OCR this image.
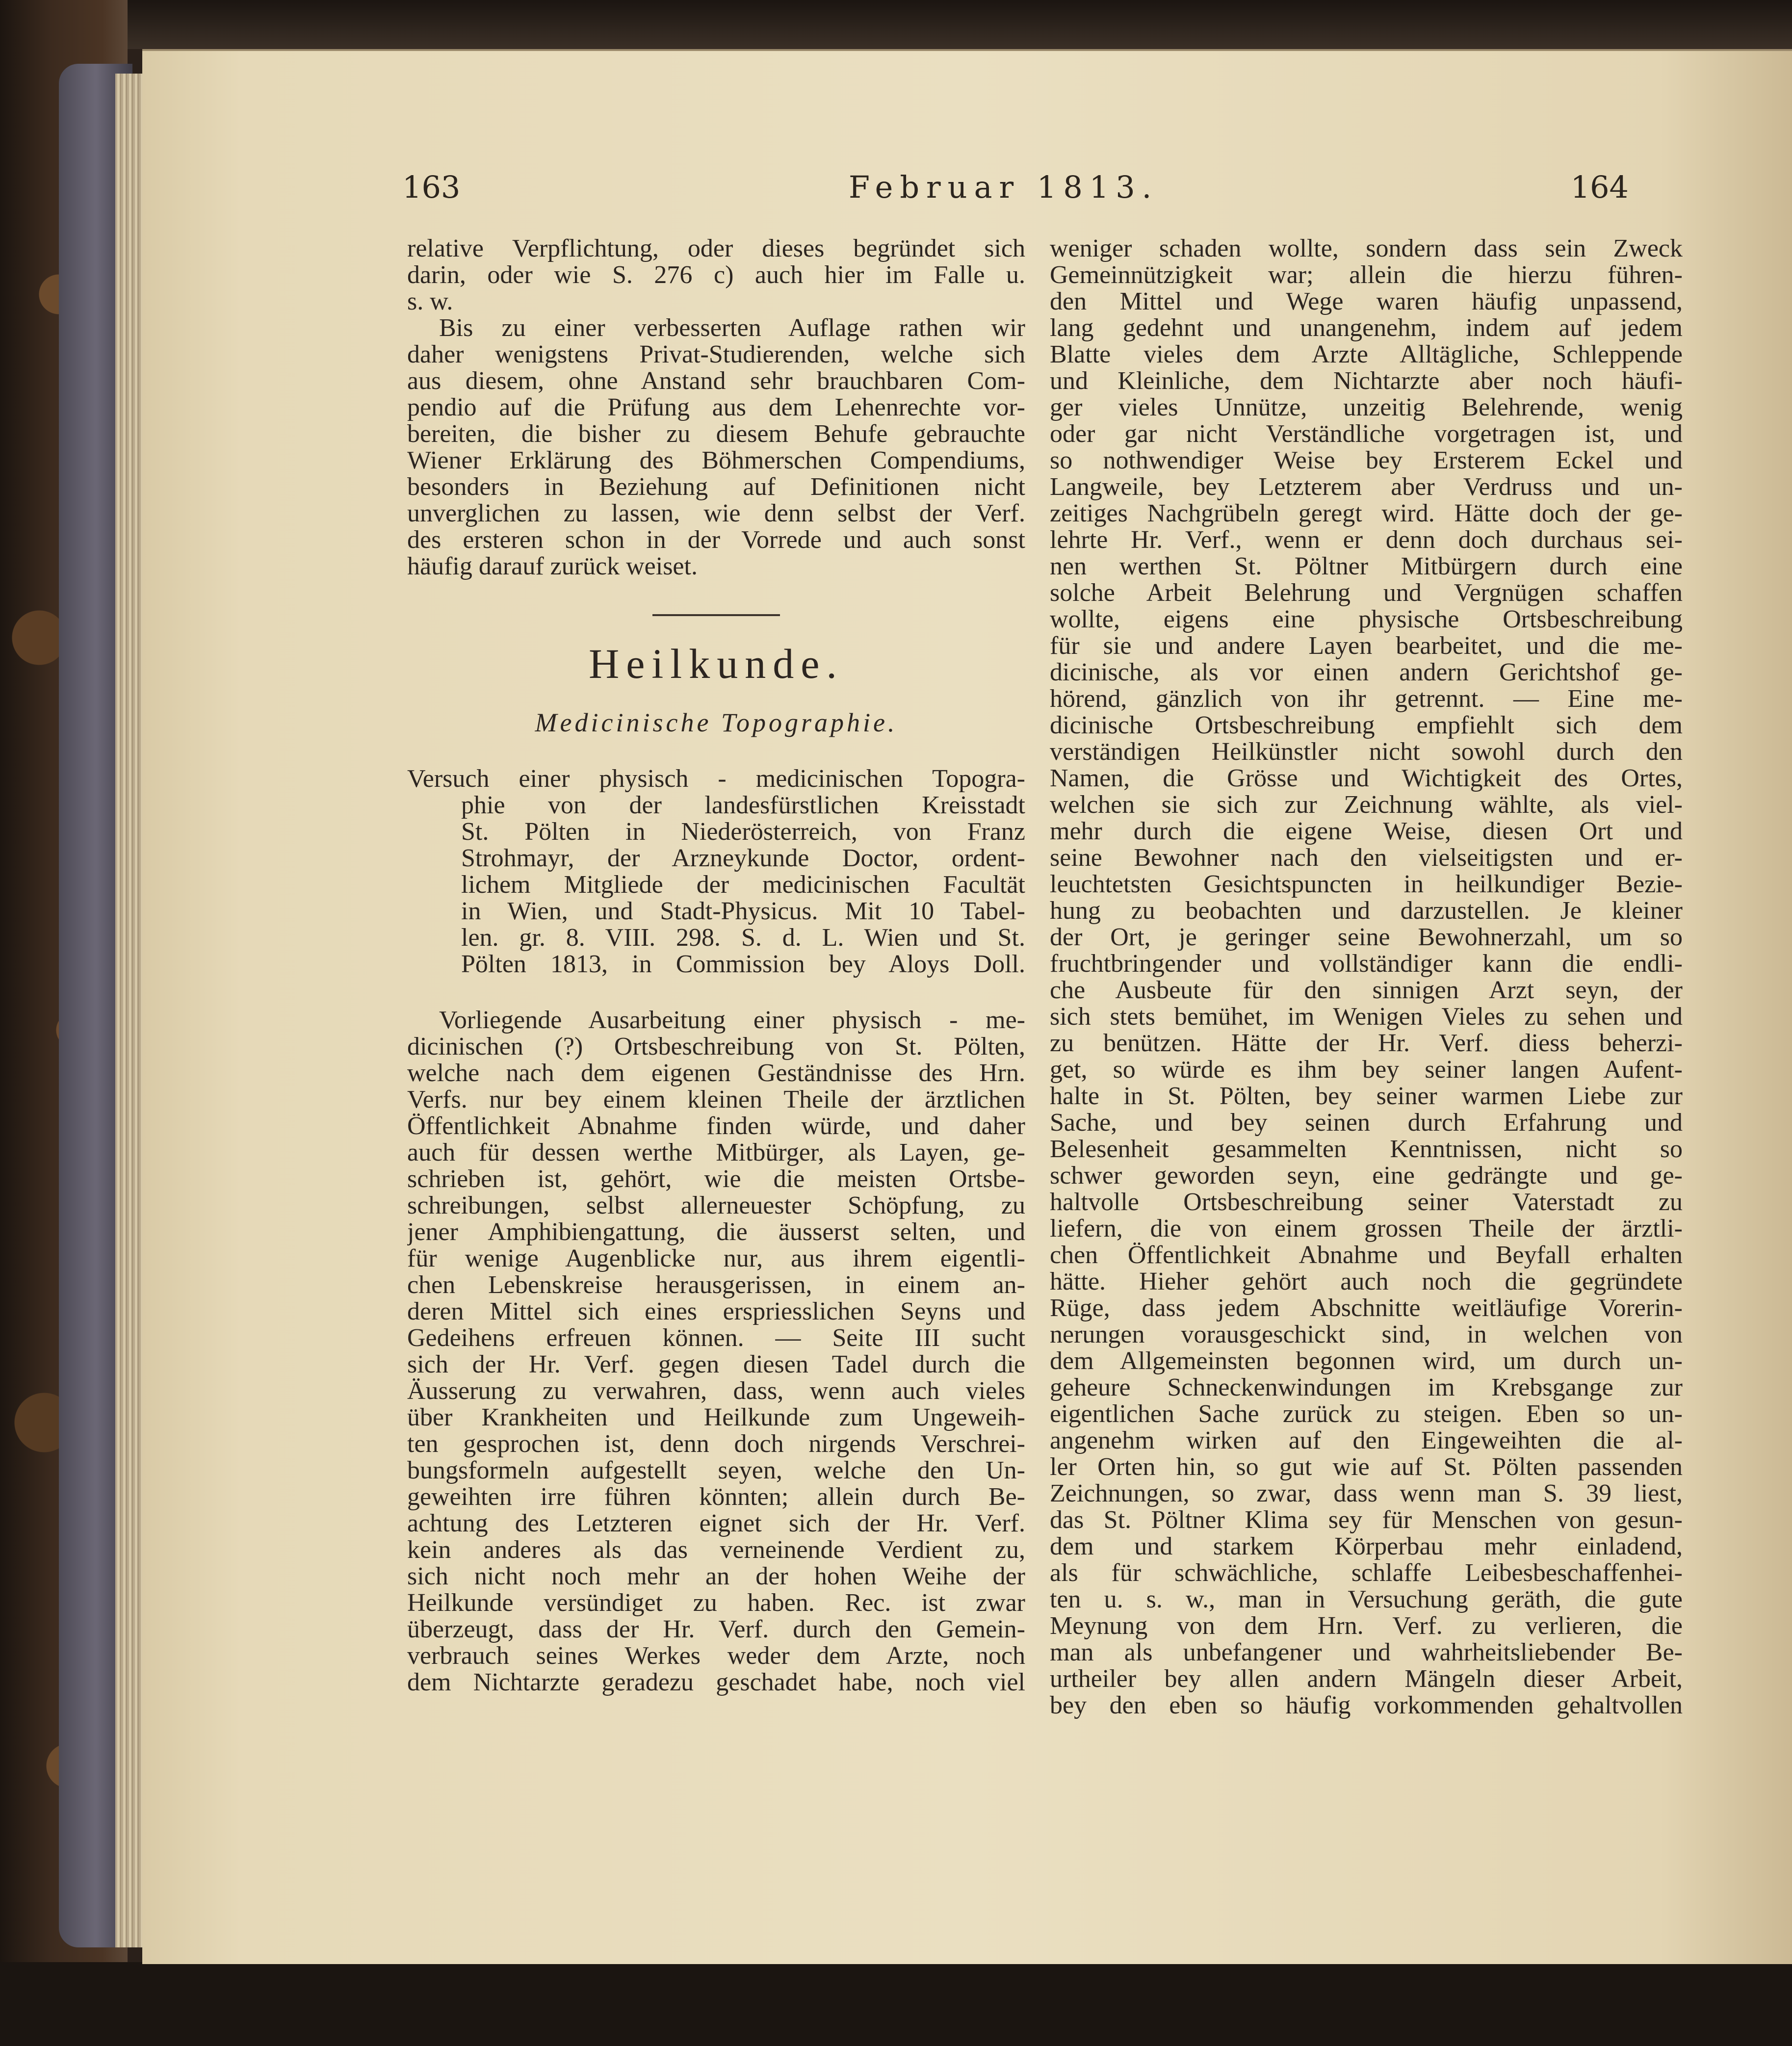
163	Februar 1813.	164
relative Verpflichtung, oder dieses begründet sich
darin, oder wie S. 276 c) auch hier im Falle u.
s. w.
Bis zu einer verbesserten Auflage rathen wir
daher wenigstens Privat-Studierenden, welche sich
aus diesem, ohne Anstand sehr brauchbaren Com-
pendio auf die Prüfung aus dem Lehenrechte vor-
bereiten, die bisher zu diesem Behufe gebrauchte
Wiener Erklärung des Böhmerschen Compendiums,
besonders in Beziehung auf Definitionen nicht
unverglichen zu lassen, wie denn selbst der Verf.
des ersteren schon in der Vorrede und auch sonst
häufig darauf zurück weiset.
Heilkunde.
Medicinische Topographie.
Versuch einer physisch - medicinischen Topogra-
phie von der landesfürstlichen Kreisstadt
St. Pölten in Niederösterreich, von Franz
Strohmayr, der Arzneykunde Doctor, ordent-
lichem Mitgliede der medicinischen Facultät
in Wien, und Stadt-Physicus. Mit 10 Tabel-
len. gr. 8. VIII. 298. S. d. L. Wien und St.
Pölten 1813, in Commission bey Aloys Doll.
Vorliegende Ausarbeitung einer physisch - me-
dicinischen (?) Ortsbeschreibung von St. Pölten,
welche nach dem eigenen Geständnisse des Hrn.
Verfs. nur bey einem kleinen Theile der ärztlichen
Öffentlichkeit Abnahme finden würde, und daher
auch für dessen werthe Mitbürger, als Layen, ge-
schrieben ist, gehört, wie die meisten Ortsbe-
schreibungen, selbst allerneuester Schöpfung, zu
jener Amphibiengattung, die äusserst selten, und
für wenige Augenblicke nur, aus ihrem eigentli-
chen Lebenskreise herausgerissen, in einem an-
deren Mittel sich eines erspriesslichen Seyns und
Gedeihens erfreuen können. — Seite III sucht
sich der Hr. Verf. gegen diesen Tadel durch die
Äusserung zu verwahren, dass, wenn auch vieles
über Krankheiten und Heilkunde zum Ungeweih-
ten gesprochen ist, denn doch nirgends Verschrei-
bungsformeln aufgestellt seyen, welche den Un-
geweihten irre führen könnten; allein durch Be-
achtung des Letzteren eignet sich der Hr. Verf.
kein anderes als das verneinende Verdient zu,
sich nicht noch mehr an der hohen Weihe der
Heilkunde versündiget zu haben. Rec. ist zwar
überzeugt, dass der Hr. Verf. durch den Gemein-
verbrauch seines Werkes weder dem Arzte, noch
dem Nichtarzte geradezu geschadet habe, noch viel
weniger schaden wollte, sondern dass sein Zweck
Gemeinnützigkeit war; allein die hierzu führen-
den Mittel und Wege waren häufig unpassend,
lang gedehnt und unangenehm, indem auf jedem
Blatte vieles dem Arzte Alltägliche, Schleppende
und Kleinliche, dem Nichtarzte aber noch häufi-
ger vieles Unnütze, unzeitig Belehrende, wenig
oder gar nicht Verständliche vorgetragen ist, und
so nothwendiger Weise bey Ersterem Eckel und
Langweile, bey Letzterem aber Verdruss und un-
zeitiges Nachgrübeln geregt wird. Hätte doch der ge-
lehrte Hr. Verf., wenn er denn doch durchaus sei-
nen werthen St. Pöltner Mitbürgern durch eine
solche Arbeit Belehrung und Vergnügen schaffen
wollte, eigens eine physische Ortsbeschreibung
für sie und andere Layen bearbeitet, und die me-
dicinische, als vor einen andern Gerichtshof ge-
hörend, gänzlich von ihr getrennt. — Eine me-
dicinische Ortsbeschreibung empfiehlt sich dem
verständigen Heilkünstler nicht sowohl durch den
Namen, die Grösse und Wichtigkeit des Ortes,
welchen sie sich zur Zeichnung wählte, als viel-
mehr durch die eigene Weise, diesen Ort und
seine Bewohner nach den vielseitigsten und er-
leuchtetsten Gesichtspuncten in heilkundiger Bezie-
hung zu beobachten und darzustellen. Je kleiner
der Ort, je geringer seine Bewohnerzahl, um so
fruchtbringender und vollständiger kann die endli-
che Ausbeute für den sinnigen Arzt seyn, der
sich stets bemühet, im Wenigen Vieles zu sehen und
zu benützen. Hätte der Hr. Verf. diess beherzi-
get, so würde es ihm bey seiner langen Aufent-
halte in St. Pölten, bey seiner warmen Liebe zur
Sache, und bey seinen durch Erfahrung und
Belesenheit gesammelten Kenntnissen, nicht so
schwer geworden seyn, eine gedrängte und ge-
haltvolle Ortsbeschreibung seiner Vaterstadt zu
liefern, die von einem grossen Theile der ärztli-
chen Öffentlichkeit Abnahme und Beyfall erhalten
hätte. Hieher gehört auch noch die gegründete
Rüge, dass jedem Abschnitte weitläufige Vorerin-
nerungen vorausgeschickt sind, in welchen von
dem Allgemeinsten begonnen wird, um durch un-
geheure Schneckenwindungen im Krebsgange zur
eigentlichen Sache zurück zu steigen. Eben so un-
angenehm wirken auf den Eingeweihten die al-
ler Orten hin, so gut wie auf St. Pölten passenden
Zeichnungen, so zwar, dass wenn man S. 39 liest,
das St. Pöltner Klima sey für Menschen von gesun-
dem und starkem Körperbau mehr einladend,
als für schwächliche, schlaffe Leibesbeschaffenhei-
ten u. s. w., man in Versuchung geräth, die gute
Meynung von dem Hrn. Verf. zu verlieren, die
man als unbefangener und wahrheitsliebender Be-
urtheiler bey allen andern Mängeln dieser Arbeit,
bey den eben so häufig vorkommenden gehaltvollen
